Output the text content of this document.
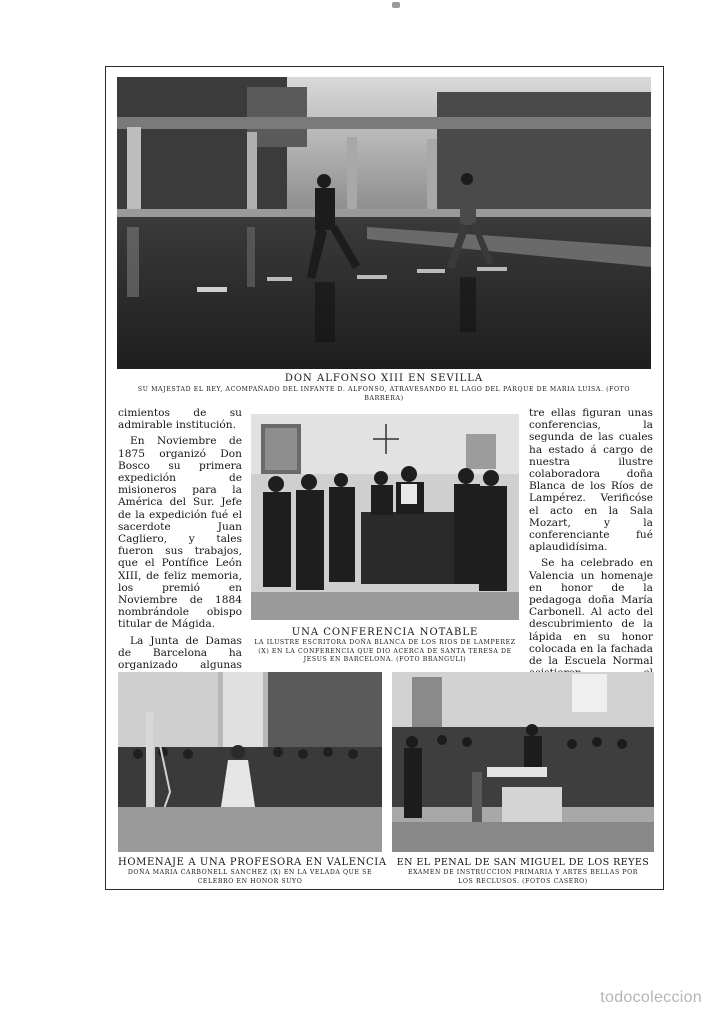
DON ALFONSO XIII EN SEVILLA
SU MAJESTAD EL REY, ACOMPAÑADO DEL INFANTE D. ALFONSO, ATRAVESANDO EL LAGO DEL PARQUE DE MARIA LUISA. (FOTO BARRERA)

cimientos de su admirable institución.

En Noviembre de 1875 organizó Don Bosco su primera expedición de misioneros para la América del Sur. Jefe de la expedición fué el sacerdote Juan Cagliero, y tales fueron sus trabajos, que el Pontífice León XIII, de feliz memoria, los premió en Noviembre de 1884 nombrándole obispo titular de Mágida.

La Junta de Damas de Barcelona ha organizado algunas

UNA CONFERENCIA NOTABLE
LA ILUSTRE ESCRITORA DOÑA BLANCA DE LOS RIOS DE LAMPEREZ (X) EN LA CONFERENCIA QUE DIO ACERCA DE SANTA TERESA DE JESUS EN BARCELONA. (FOTO BRANGULI)

tre ellas figuran unas conferencias, la segunda de las cuales ha estado á cargo de nuestra ilustre colaboradora doña Blanca de los Ríos de Lampérez. Verificóse el acto en la Sala Mozart, y la conferenciante fué aplaudidísima.

Se ha celebrado en Valencia un homenaje en honor de la pedagoga doña María Carbonell. Al acto del descubrimiento de la lápida en su honor colocada en la fachada de la Escuela Normal

HOMENAJE A UNA PROFESORA EN VALENCIA
DOÑA MARIA CARBONELL SANCHEZ (X) EN LA VELADA QUE SE CELEBRO EN HONOR SUYO
EN EL PENAL DE SAN MIGUEL DE LOS REYES
EXAMEN DE INSTRUCCION PRIMARIA Y ARTES BELLAS POR LOS RECLUSOS. (FOTOS CASERO)
todocoleccion
